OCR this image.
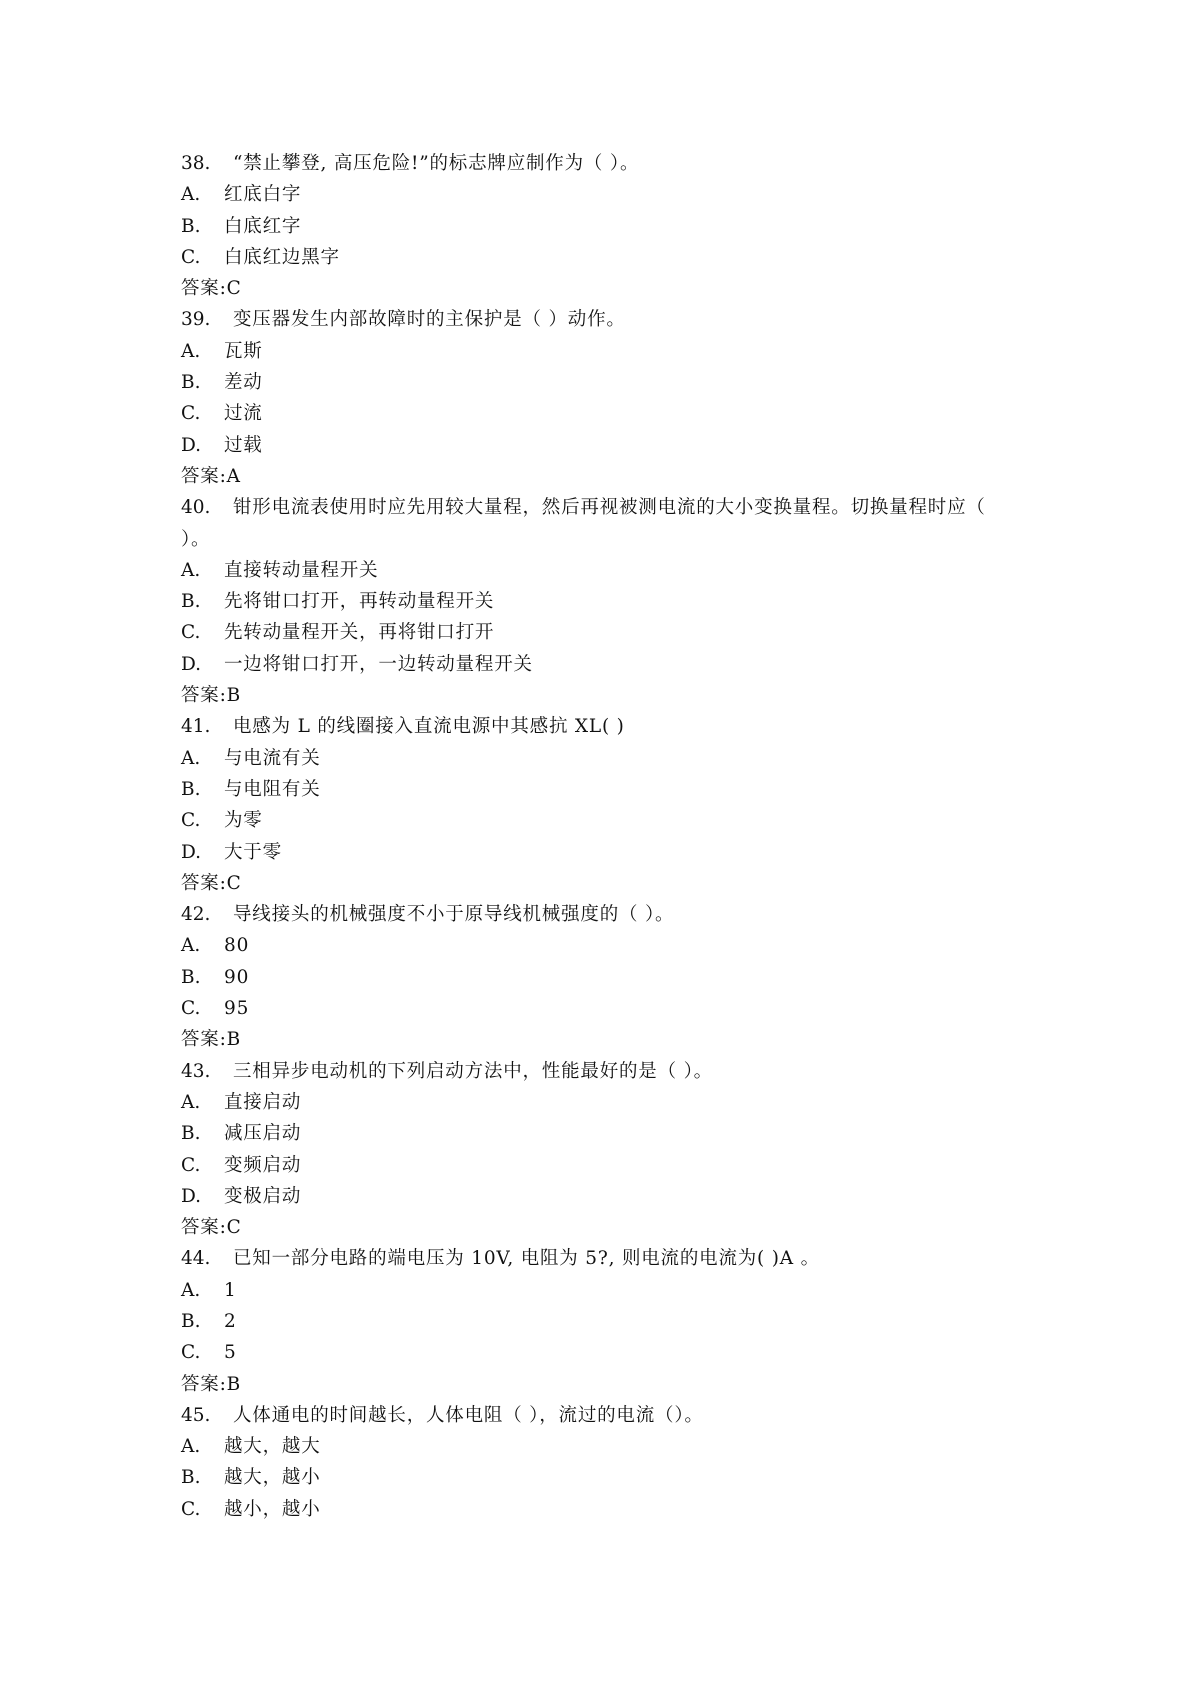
38. “禁止攀登, 高压危险!”的标志牌应制作为（ ）。
A. 红底白字
B. 白底红字
C. 白底红边黑字
答案:C
39. 变压器发生内部故障时的主保护是（ ）动作。
A. 瓦斯
B. 差动
C. 过流
D. 过载
答案:A
40. 钳形电流表使用时应先用较大量程，然后再视被测电流的大小变换量程。切换量程时应（ ）。
A. 直接转动量程开关
B. 先将钳口打开，再转动量程开关
C. 先转动量程开关，再将钳口打开
D. 一边将钳口打开，一边转动量程开关
答案:B
41. 电感为 L 的线圈接入直流电源中其感抗 XL( )
A. 与电流有关
B. 与电阻有关
C. 为零
D. 大于零
答案:C
42. 导线接头的机械强度不小于原导线机械强度的（ ）。
A. 80
B. 90
C. 95
答案:B
43. 三相异步电动机的下列启动方法中，性能最好的是（ ）。
A. 直接启动
B. 减压启动
C. 变频启动
D. 变极启动
答案:C
44. 已知一部分电路的端电压为 10V, 电阻为 5?, 则电流的电流为( )A 。
A. 1
B. 2
C. 5
答案:B
45. 人体通电的时间越长，人体电阻（ ），流过的电流（）。
A. 越大，越大
B. 越大，越小
C. 越小，越小
